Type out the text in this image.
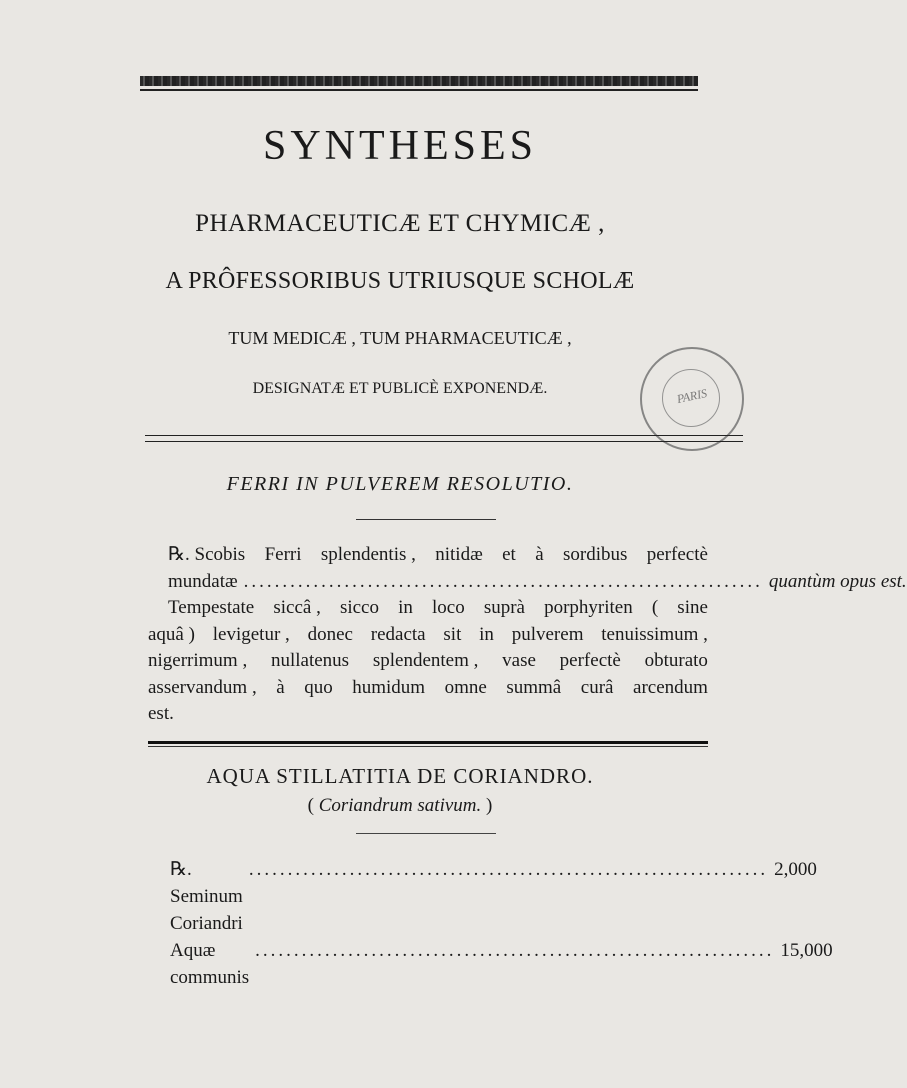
SYNTHESES
PHARMACEUTICÆ ET CHYMICÆ ,
A PRÔFESSORIBUS UTRIUSQUE SCHOLÆ
TUM MEDICÆ , TUM PHARMACEUTICÆ ,
DESIGNATÆ ET PUBLICÈ EXPONENDÆ.	PARIS
FERRI IN PULVEREM RESOLUTIO.
℞. Scobis Ferri splendentis , nitidæ et à sordibus perfectè
mundatæ ................................................................... quantùm opus est.
Tempestate siccâ , sicco in loco suprà porphyriten ( sine
aquâ ) levigetur , donec redacta sit in pulverem tenuissimum ,
nigerrimum , nullatenus splendentem , vase perfectè obturato
asservandum , à quo humidum omne summâ curâ arcendum
est.
AQUA STILLATITIA DE CORIANDRO.
( Coriandrum sativum. )
℞. Seminum Coriandri
................................................................... 2,000
Aquæ communis
................................................................... 15,000
